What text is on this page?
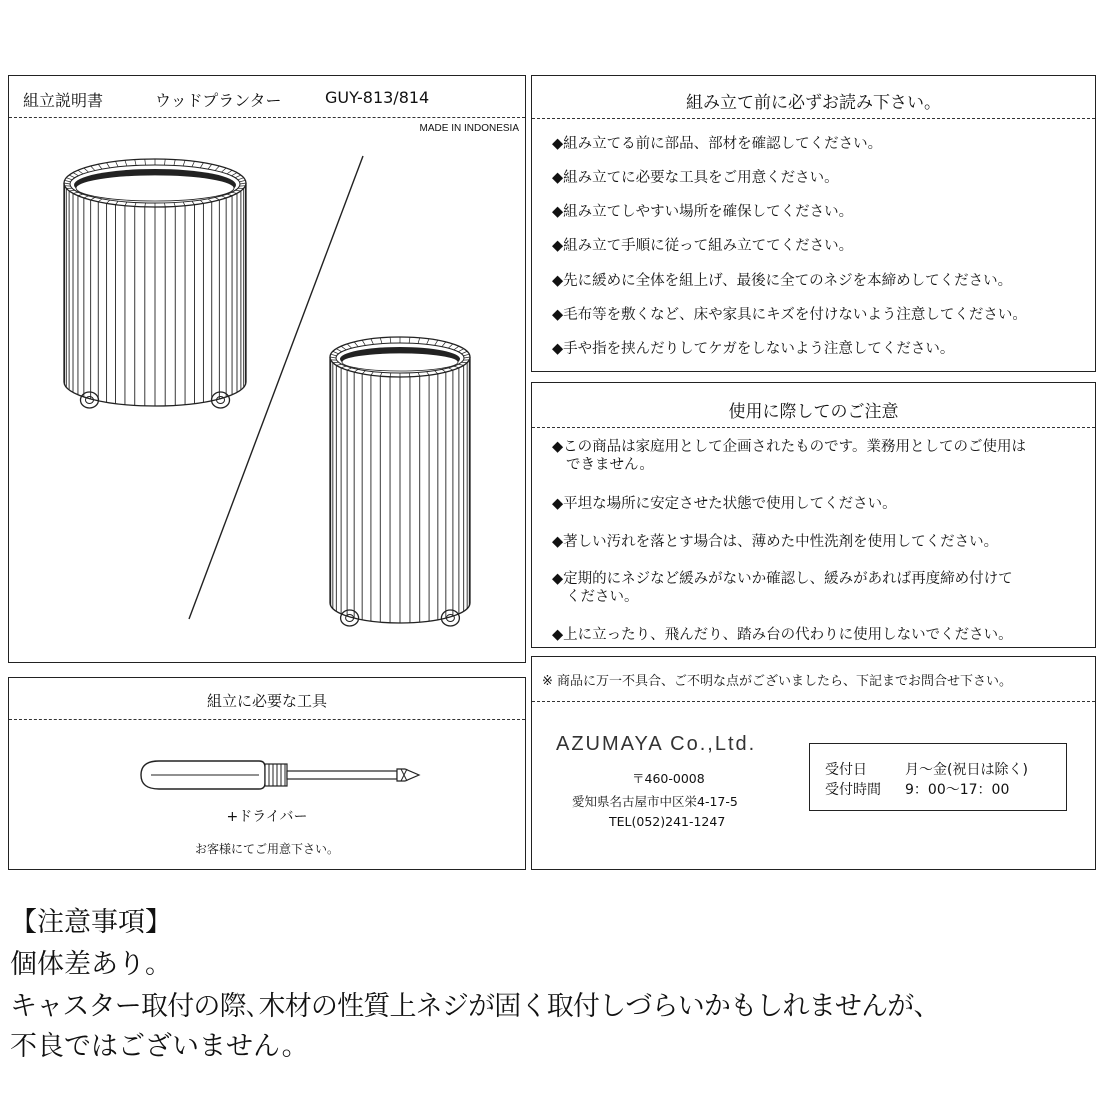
組立説明書	ウッドプランター	GUY-813/814
MADE IN INDONESIA
組み立て前に必ずお読み下さい。
◆組み立てる前に部品、部材を確認してください。
◆組み立てに必要な工具をご用意ください。
◆組み立てしやすい場所を確保してください。
◆組み立て手順に従って組み立ててください。
◆先に緩めに全体を組上げ、最後に全てのネジを本締めしてください。
◆毛布等を敷くなど、床や家具にキズを付けないよう注意してください。
◆手や指を挟んだりしてケガをしないよう注意してください。
使用に際してのご注意
◆この商品は家庭用として企画されたものです。業務用としてのご使用は
できません。
◆平坦な場所に安定させた状態で使用してください。
◆著しい汚れを落とす場合は、薄めた中性洗剤を使用してください。
◆定期的にネジなど緩みがないか確認し、緩みがあれば再度締め付けて
ください。
◆上に立ったり、飛んだり、踏み台の代わりに使用しないでください。
組立に必要な工具
+ドライバー
お客様にてご用意下さい。
※ 商品に万一不具合、ご不明な点がございましたら、下記までお問合せ下さい。
AZUMAYA Co.,Ltd.
〒460-0008
愛知県名古屋市中区栄4-17-5
TEL(052)241-1247
受付日	月〜金(祝日は除く)
受付時間 9：00〜17：00
【注意事項】
個体差あり。
キャスター取付の際､木材の性質上ネジが固く取付しづらいかもしれませんが、
不良ではございません。
